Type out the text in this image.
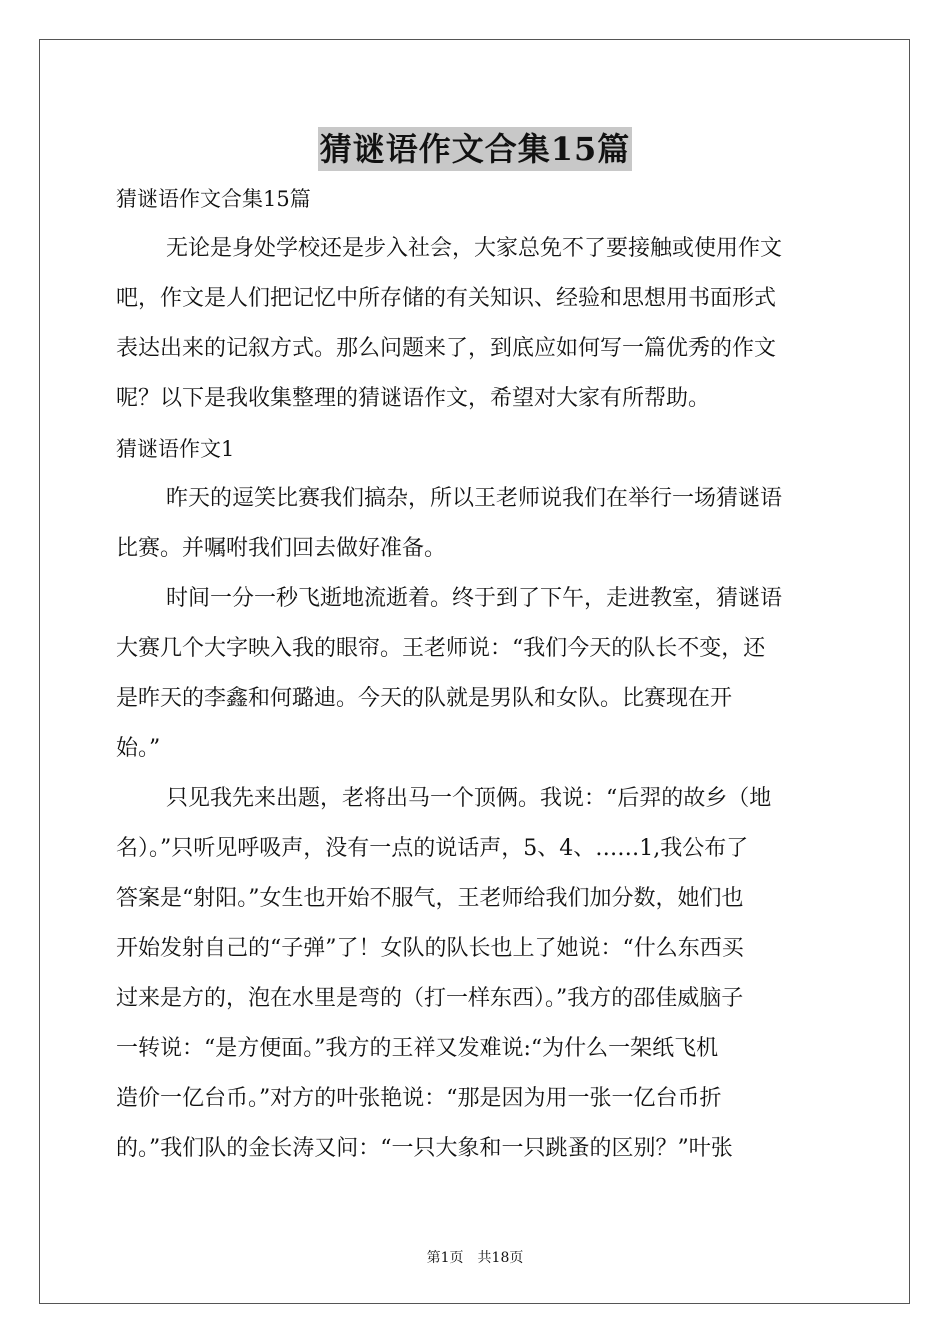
猜谜语作文合集15篇
猜谜语作文合集15篇
无论是身处学校还是步入社会，大家总免不了要接触或使用作文
吧，作文是人们把记忆中所存储的有关知识、经验和思想用书面形式
表达出来的记叙方式。那么问题来了，到底应如何写一篇优秀的作文
呢？以下是我收集整理的猜谜语作文，希望对大家有所帮助。
猜谜语作文1
昨天的逗笑比赛我们搞杂，所以王老师说我们在举行一场猜谜语
比赛。并嘱咐我们回去做好准备。
时间一分一秒飞逝地流逝着。终于到了下午，走进教室，猜谜语
大赛几个大字映入我的眼帘。王老师说：“我们今天的队长不变，还
是昨天的李鑫和何璐迪。今天的队就是男队和女队。比赛现在开
始。”
只见我先来出题，老将出马一个顶俩。我说：“后羿的故乡（地
名）。”只听见呼吸声，没有一点的说话声，5、4、……1,我公布了
答案是“射阳。”女生也开始不服气，王老师给我们加分数，她们也
开始发射自己的“子弹”了！女队的队长也上了她说：“什么东西买
过来是方的，泡在水里是弯的（打一样东西）。”我方的邵佳威脑子
一转说：“是方便面。”我方的王祥又发难说:“为什么一架纸飞机
造价一亿台币。”对方的叶张艳说：“那是因为用一张一亿台币折
的。”我们队的金长涛又问：“一只大象和一只跳蚤的区别？”叶张
第1页 共18页
